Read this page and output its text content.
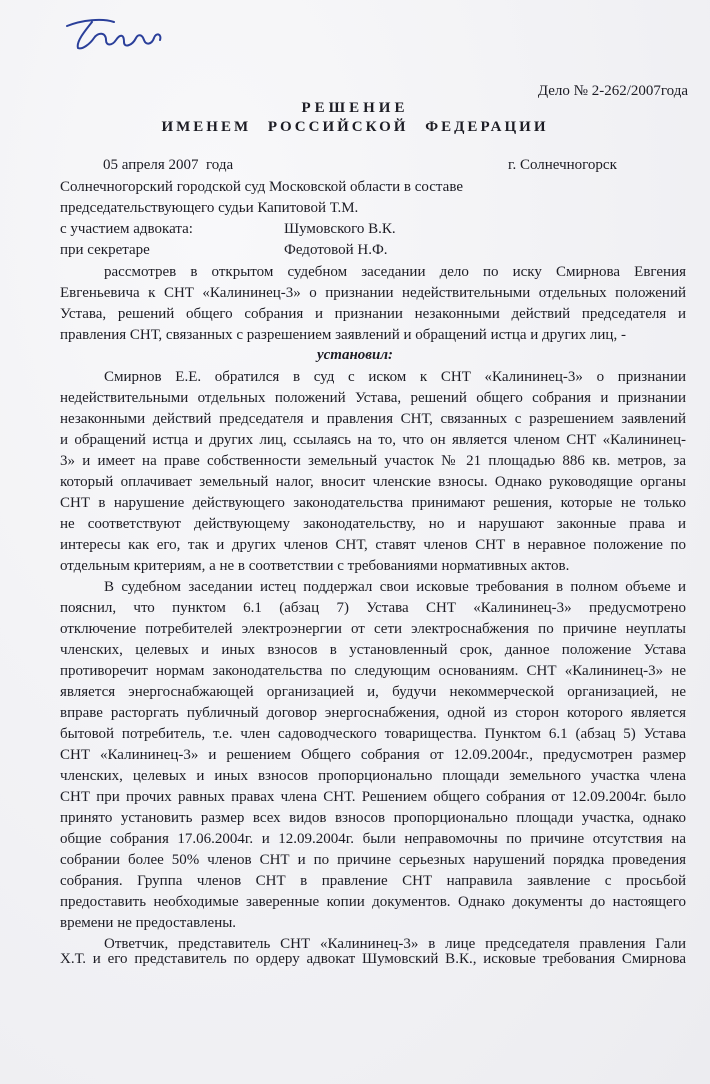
Дело № 2-262/2007года
РЕШЕНИЕ
ИМЕНЕМ РОССИЙСКОЙ ФЕДЕРАЦИИ
05 апреля 2007  года	г. Солнечногорск
Солнечногорский городской суд Московской области в составе
председательствующего судьи Капитовой Т.М.
с участием адвоката:	Шумовского В.К.
при секретаре	Федотовой Н.Ф.
рассмотрев в открытом судебном заседании дело по иску Смирнова Евгения
Евгеньевича к СНТ «Калининец-3» о признании недействительными отдельных положений
Устава, решений общего собрания и признании незаконными действий председателя и
правления СНТ, связанных с разрешением заявлений и обращений истца и других лиц, -
установил:
Смирнов Е.Е. обратился в суд с иском к СНТ «Калининец-3» о признании
недействительными отдельных положений Устава, решений общего собрания и признании
незаконными действий председателя и правления СНТ, связанных с разрешением заявлений
и обращений истца и других лиц, ссылаясь на то, что он является членом СНТ «Калининец-
3» и имеет на праве собственности земельный участок № 21 площадью 886 кв. метров, за
который оплачивает земельный налог, вносит членские взносы. Однако руководящие органы
СНТ в нарушение действующего законодательства принимают решения, которые не только
не соответствуют действующему законодательству, но и нарушают законные права и
интересы как его, так и других членов СНТ, ставят членов СНТ в неравное положение по
отдельным критериям, а не в соответствии с требованиями нормативных актов.
В судебном заседании истец поддержал свои исковые требования в полном объеме и
пояснил, что пунктом 6.1 (абзац 7) Устава СНТ «Калининец-3» предусмотрено
отключение потребителей электроэнергии от сети электроснабжения по причине неуплаты
членских, целевых и иных взносов в установленный срок, данное положение Устава
противоречит нормам законодательства по следующим основаниям. СНТ «Калининец-3» не
является энергоснабжающей организацией и, будучи некоммерческой организацией, не
вправе расторгать публичный договор энергоснабжения, одной из сторон которого является
бытовой потребитель, т.е. член садоводческого товарищества. Пунктом 6.1 (абзац 5) Устава
СНТ «Калининец-3» и решением Общего собрания от 12.09.2004г., предусмотрен размер
членских, целевых и иных взносов пропорционально площади земельного участка члена
СНТ при прочих равных правах члена СНТ. Решением общего собрания от 12.09.2004г. было
принято установить размер всех видов взносов пропорционально площади участка, однако
общие собрания 17.06.2004г. и 12.09.2004г. были неправомочны по причине отсутствия на
собрании более 50% членов СНТ и по причине серьезных нарушений порядка проведения
собрания. Группа членов СНТ в правление СНТ направила заявление с просьбой
предоставить необходимые заверенные копии документов. Однако документы до настоящего
времени не предоставлены.
Ответчик, представитель СНТ «Калининец-3» в лице председателя правления Гали
Х.Т. и его представитель по ордеру адвокат Шумовский В.К., исковые требования Смирнова
